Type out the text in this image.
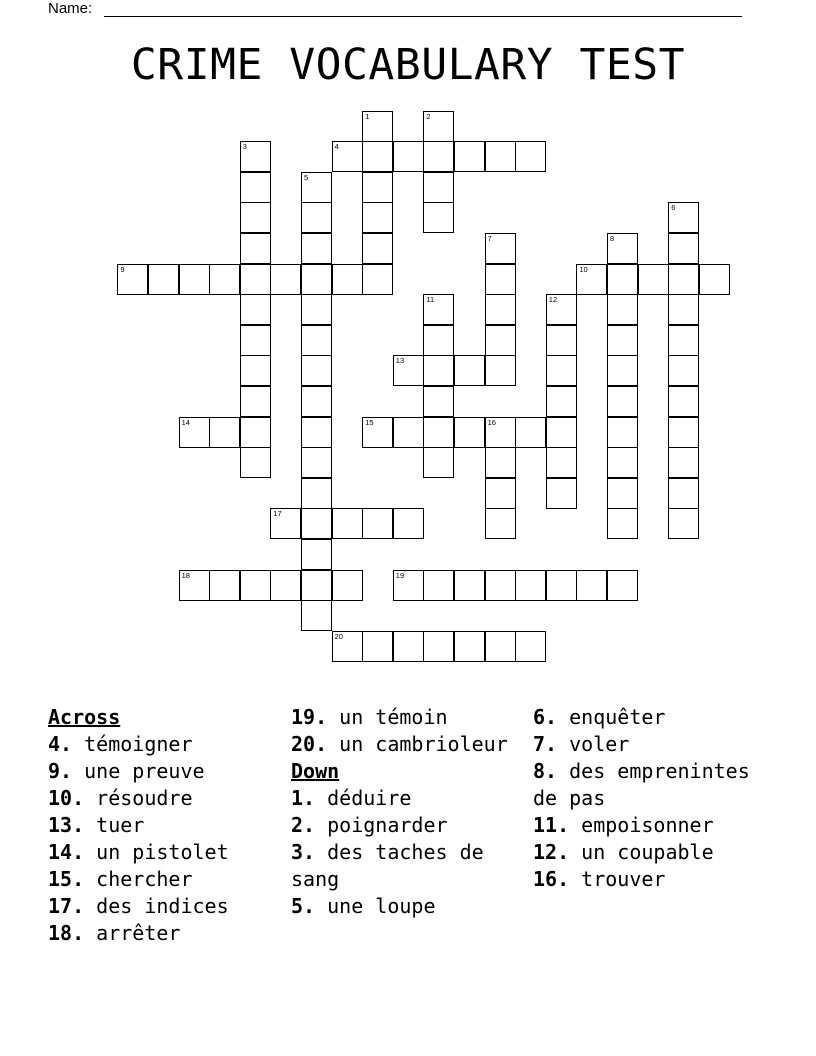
Name:
CRIME VOCABULARY TEST
1	2
3	4
5
6
7	8
9	10
11	12
13
14	15	16
17
18	19
20
Across
4. témoigner
9. une preuve
10. résoudre
13. tuer
14. un pistolet
15. chercher
17. des indices
18. arrêter
19. un témoin
20. un cambrioleur
Down
1. déduire
2. poignarder
3. des taches de sang
5. une loupe
6. enquêter
7. voler
8. des emprenintes de pas
11. empoisonner
12. un coupable
16. trouver
